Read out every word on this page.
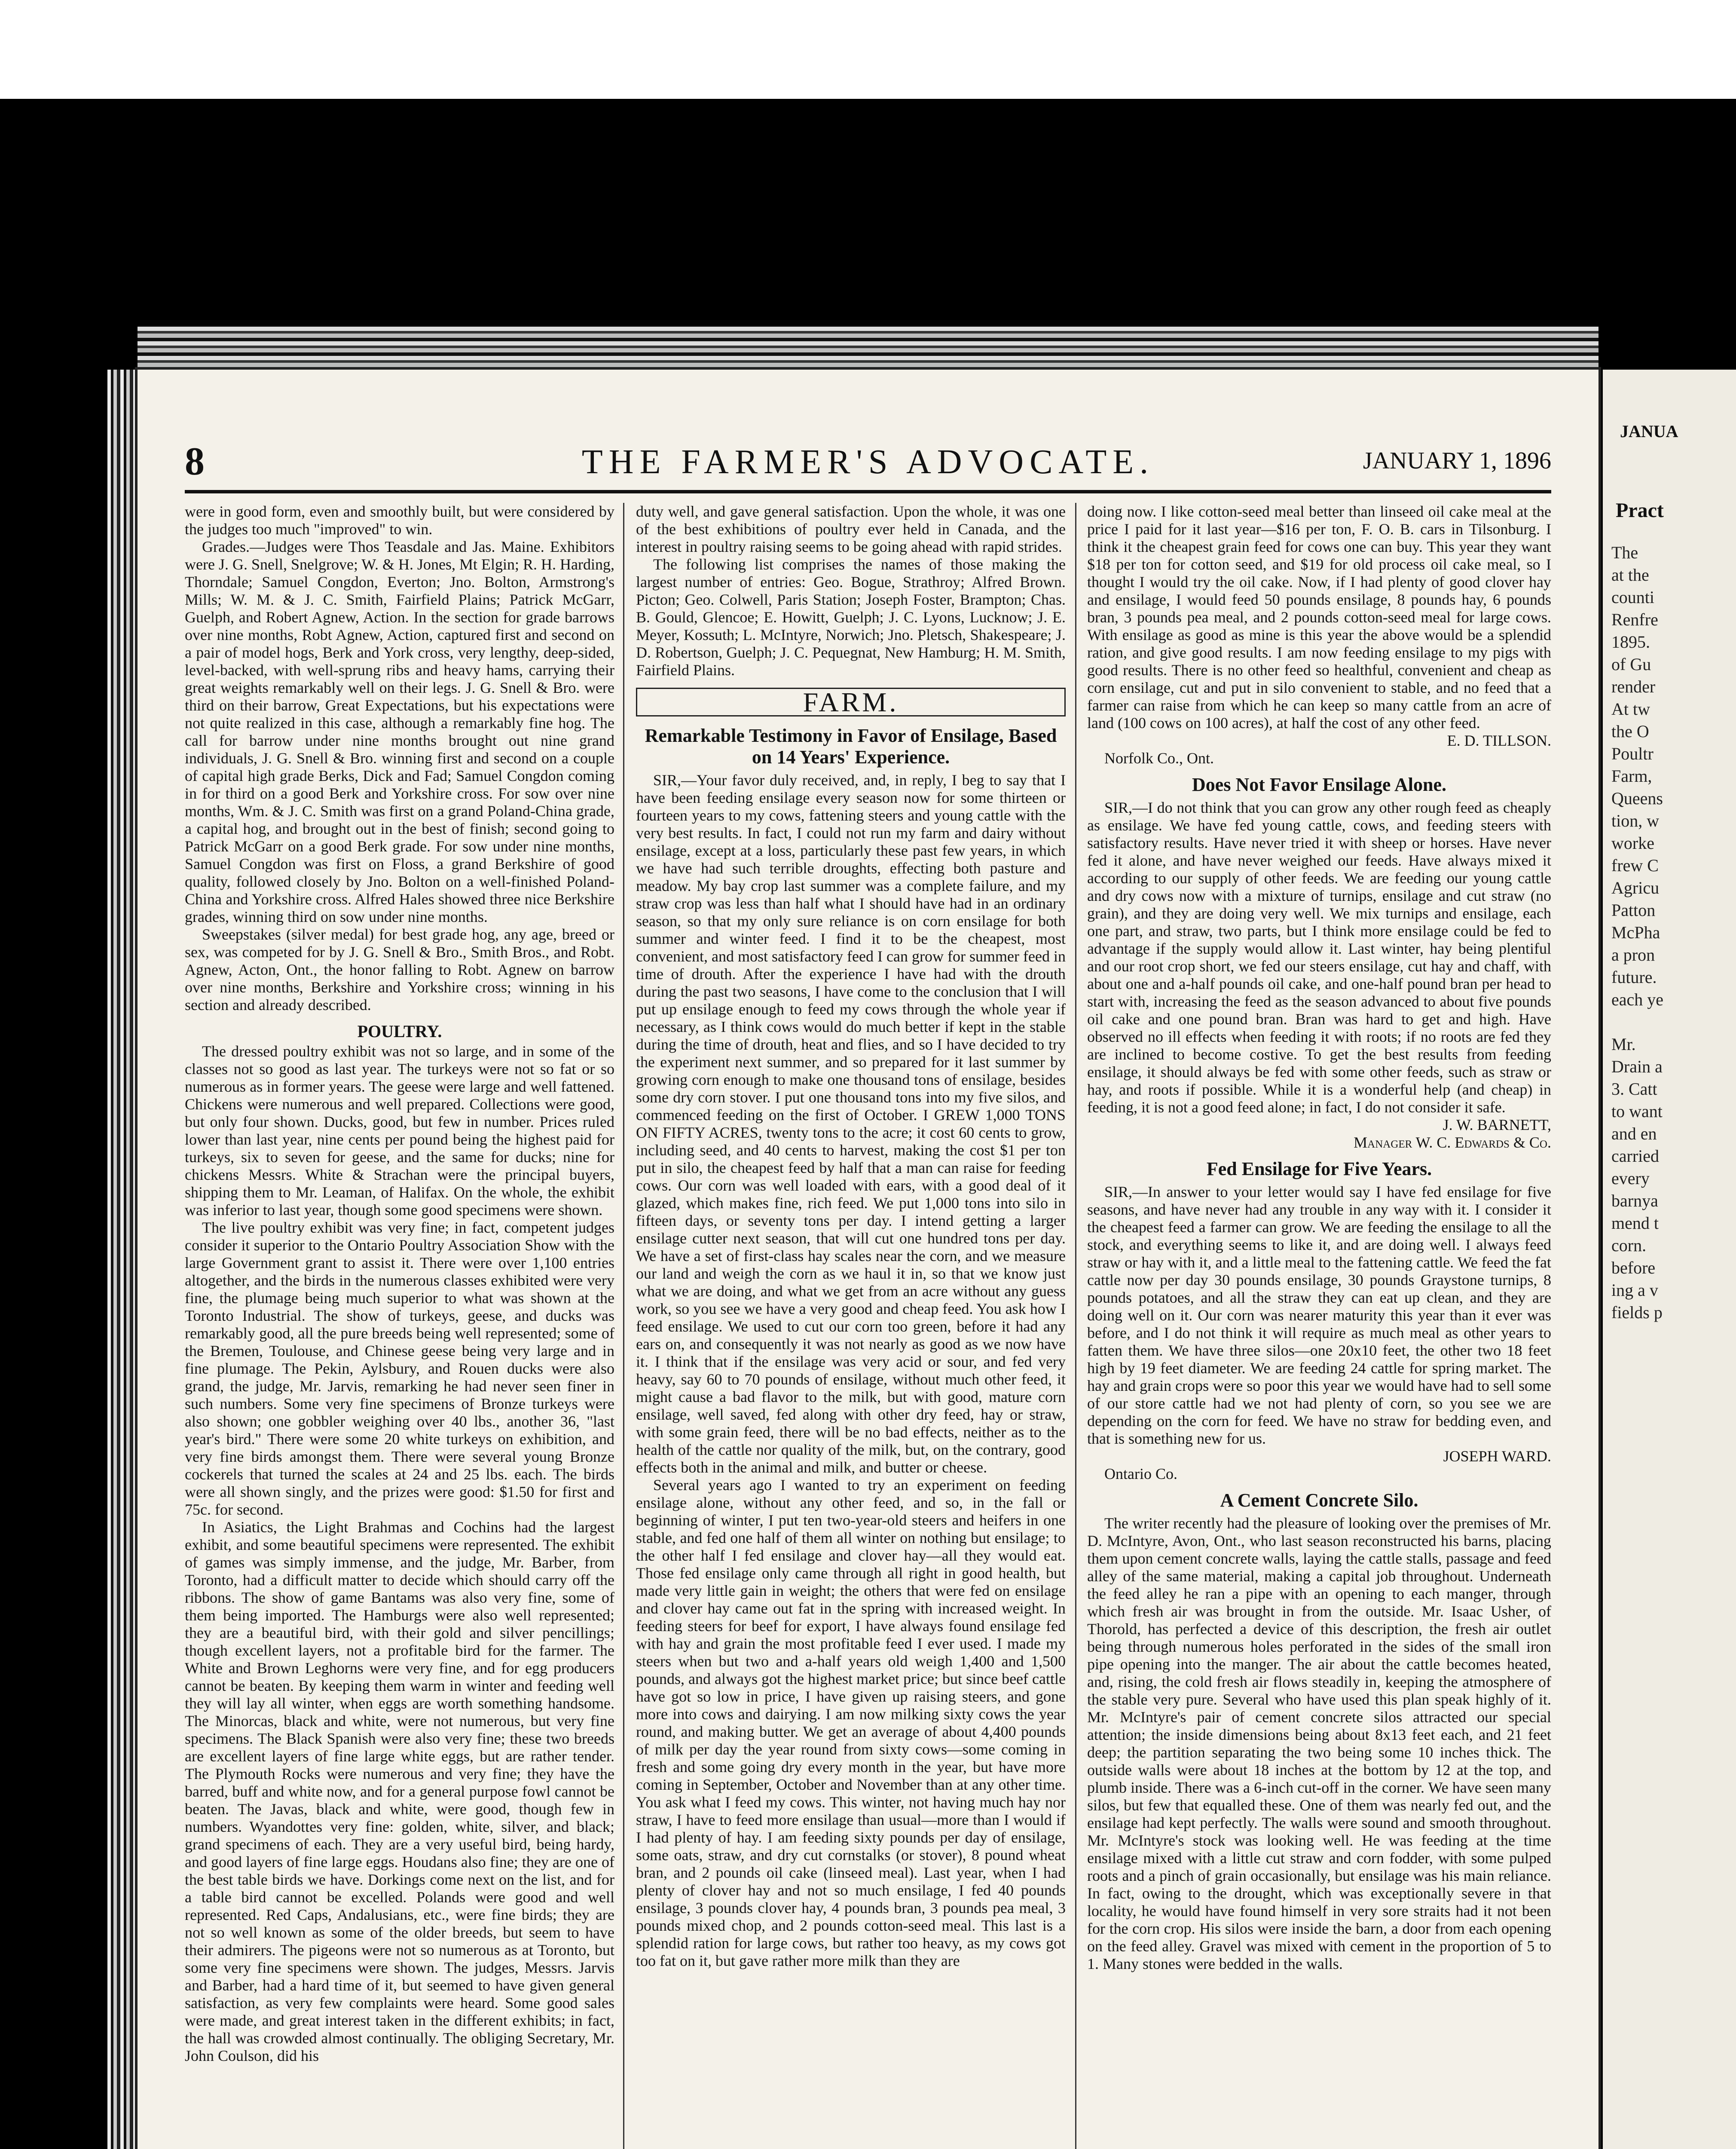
8	THE FARMER'S ADVOCATE.	JANUARY 1, 1896

were in good form, even and smoothly built, but were considered by the judges too much "improved" to win.

Grades.—Judges were Thos Teasdale and Jas. Maine. Exhibitors were J. G. Snell, Snelgrove; W. & H. Jones, Mt Elgin; R. H. Harding, Thorndale; Samuel Congdon, Everton; Jno. Bolton, Armstrong's Mills; W. M. & J. C. Smith, Fairfield Plains; Patrick McGarr, Guelph, and Robert Agnew, Action. In the section for grade barrows over nine months, Robt Agnew, Action, captured first and second on a pair of model hogs, Berk and York cross, very lengthy, deep-sided, level-backed, with well-sprung ribs and heavy hams, carrying their great weights remarkably well on their legs. J. G. Snell & Bro. were third on their barrow, Great Expectations, but his expectations were not quite realized in this case, although a remarkably fine hog. The call for barrow under nine months brought out nine grand individuals, J. G. Snell & Bro. winning first and second on a couple of capital high grade Berks, Dick and Fad; Samuel Congdon coming in for third on a good Berk and Yorkshire cross. For sow over nine months, Wm. & J. C. Smith was first on a grand Poland-China grade, a capital hog, and brought out in the best of finish; second going to Patrick McGarr on a good Berk grade. For sow under nine months, Samuel Congdon was first on Floss, a grand Berkshire of good quality, followed closely by Jno. Bolton on a well-finished Poland-China and Yorkshire cross. Alfred Hales showed three nice Berkshire grades, winning third on sow under nine months.

Sweepstakes (silver medal) for best grade hog, any age, breed or sex, was competed for by J. G. Snell & Bro., Smith Bros., and Robt. Agnew, Acton, Ont., the honor falling to Robt. Agnew on barrow over nine months, Berkshire and Yorkshire cross; winning in his section and already described.

POULTRY.

The dressed poultry exhibit was not so large, and in some of the classes not so good as last year. The turkeys were not so fat or so numerous as in former years. The geese were large and well fattened. Chickens were numerous and well prepared. Collections were good, but only four shown. Ducks, good, but few in number. Prices ruled lower than last year, nine cents per pound being the highest paid for turkeys, six to seven for geese, and the same for ducks; nine for chickens Messrs. White & Strachan were the principal buyers, shipping them to Mr. Leaman, of Halifax. On the whole, the exhibit was inferior to last year, though some good specimens were shown.

The live poultry exhibit was very fine; in fact, competent judges consider it superior to the Ontario Poultry Association Show with the large Government grant to assist it. There were over 1,100 entries altogether, and the birds in the numerous classes exhibited were very fine, the plumage being much superior to what was shown at the Toronto Industrial. The show of turkeys, geese, and ducks was remarkably good, all the pure breeds being well represented; some of the Bremen, Toulouse, and Chinese geese being very large and in fine plumage. The Pekin, Aylsbury, and Rouen ducks were also grand, the judge, Mr. Jarvis, remarking he had never seen finer in such numbers. Some very fine specimens of Bronze turkeys were also shown; one gobbler weighing over 40 lbs., another 36, "last year's bird." There were some 20 white turkeys on exhibition, and very fine birds amongst them. There were several young Bronze cockerels that turned the scales at 24 and 25 lbs. each. The birds were all shown singly, and the prizes were good: $1.50 for first and 75c. for second.

In Asiatics, the Light Brahmas and Cochins had the largest exhibit, and some beautiful specimens were represented. The exhibit of games was simply immense, and the judge, Mr. Barber, from Toronto, had a difficult matter to decide which should carry off the ribbons. The show of game Bantams was also very fine, some of them being imported. The Hamburgs were also well represented; they are a beautiful bird, with their gold and silver pencillings; though excellent layers, not a profitable bird for the farmer. The White and Brown Leghorns were very fine, and for egg producers cannot be beaten. By keeping them warm in winter and feeding well they will lay all winter, when eggs are worth something handsome. The Minorcas, black and white, were not numerous, but very fine specimens. The Black Spanish were also very fine; these two breeds are excellent layers of fine large white eggs, but are rather tender. The Plymouth Rocks were numerous and very fine; they have the barred, buff and white now, and for a general purpose fowl cannot be beaten. The Javas, black and white, were good, though few in numbers. Wyandottes very fine: golden, white, silver, and black; grand specimens of each. They are a very useful bird, being hardy, and good layers of fine large eggs. Houdans also fine; they are one of the best table birds we have. Dorkings come next on the list, and for a table bird cannot be excelled. Polands were good and well represented. Red Caps, Andalusians, etc., were fine birds; they are not so well known as some of the older breeds, but seem to have their admirers. The pigeons were not so numerous as at Toronto, but some very fine specimens were shown. The judges, Messrs. Jarvis and Barber, had a hard time of it, but seemed to have given general satisfaction, as very few complaints were heard. Some good sales were made, and great interest taken in the different exhibits; in fact, the hall was crowded almost continually. The obliging Secretary, Mr. John Coulson, did his

duty well, and gave general satisfaction. Upon the whole, it was one of the best exhibitions of poultry ever held in Canada, and the interest in poultry raising seems to be going ahead with rapid strides.

The following list comprises the names of those making the largest number of entries: Geo. Bogue, Strathroy; Alfred Brown. Picton; Geo. Colwell, Paris Station; Joseph Foster, Brampton; Chas. B. Gould, Glencoe; E. Howitt, Guelph; J. C. Lyons, Lucknow; J. E. Meyer, Kossuth; L. McIntyre, Norwich; Jno. Pletsch, Shakespeare; J. D. Robertson, Guelph; J. C. Pequegnat, New Hamburg; H. M. Smith, Fairfield Plains.

FARM.
Remarkable Testimony in Favor of Ensilage, Based on 14 Years' Experience.

SIR,—Your favor duly received, and, in reply, I beg to say that I have been feeding ensilage every season now for some thirteen or fourteen years to my cows, fattening steers and young cattle with the very best results. In fact, I could not run my farm and dairy without ensilage, except at a loss, particularly these past few years, in which we have had such terrible droughts, effecting both pasture and meadow. My bay crop last summer was a complete failure, and my straw crop was less than half what I should have had in an ordinary season, so that my only sure reliance is on corn ensilage for both summer and winter feed. I find it to be the cheapest, most convenient, and most satisfactory feed I can grow for summer feed in time of drouth. After the experience I have had with the drouth during the past two seasons, I have come to the conclusion that I will put up ensilage enough to feed my cows through the whole year if necessary, as I think cows would do much better if kept in the stable during the time of drouth, heat and flies, and so I have decided to try the experiment next summer, and so prepared for it last summer by growing corn enough to make one thousand tons of ensilage, besides some dry corn stover. I put one thousand tons into my five silos, and commenced feeding on the first of October. I GREW 1,000 TONS ON FIFTY ACRES, twenty tons to the acre; it cost 60 cents to grow, including seed, and 40 cents to harvest, making the cost $1 per ton put in silo, the cheapest feed by half that a man can raise for feeding cows. Our corn was well loaded with ears, with a good deal of it glazed, which makes fine, rich feed. We put 1,000 tons into silo in fifteen days, or seventy tons per day. I intend getting a larger ensilage cutter next season, that will cut one hundred tons per day. We have a set of first-class hay scales near the corn, and we measure our land and weigh the corn as we haul it in, so that we know just what we are doing, and what we get from an acre without any guess work, so you see we have a very good and cheap feed. You ask how I feed ensilage. We used to cut our corn too green, before it had any ears on, and consequently it was not nearly as good as we now have it. I think that if the ensilage was very acid or sour, and fed very heavy, say 60 to 70 pounds of ensilage, without much other feed, it might cause a bad flavor to the milk, but with good, mature corn ensilage, well saved, fed along with other dry feed, hay or straw, with some grain feed, there will be no bad effects, neither as to the health of the cattle nor quality of the milk, but, on the contrary, good effects both in the animal and milk, and butter or cheese.

Several years ago I wanted to try an experiment on feeding ensilage alone, without any other feed, and so, in the fall or beginning of winter, I put ten two-year-old steers and heifers in one stable, and fed one half of them all winter on nothing but ensilage; to the other half I fed ensilage and clover hay—all they would eat. Those fed ensilage only came through all right in good health, but made very little gain in weight; the others that were fed on ensilage and clover hay came out fat in the spring with increased weight. In feeding steers for beef for export, I have always found ensilage fed with hay and grain the most profitable feed I ever used. I made my steers when but two and a-half years old weigh 1,400 and 1,500 pounds, and always got the highest market price; but since beef cattle have got so low in price, I have given up raising steers, and gone more into cows and dairying. I am now milking sixty cows the year round, and making butter. We get an average of about 4,400 pounds of milk per day the year round from sixty cows—some coming in fresh and some going dry every month in the year, but have more coming in September, October and November than at any other time. You ask what I feed my cows. This winter, not having much hay nor straw, I have to feed more ensilage than usual—more than I would if I had plenty of hay. I am feeding sixty pounds per day of ensilage, some oats, straw, and dry cut cornstalks (or stover), 8 pound wheat bran, and 2 pounds oil cake (linseed meal). Last year, when I had plenty of clover hay and not so much ensilage, I fed 40 pounds ensilage, 3 pounds clover hay, 4 pounds bran, 3 pounds pea meal, 3 pounds mixed chop, and 2 pounds cotton-seed meal. This last is a splendid ration for large cows, but rather too heavy, as my cows got too fat on it, but gave rather more milk than they are

doing now. I like cotton-seed meal better than linseed oil cake meal at the price I paid for it last year—$16 per ton, F. O. B. cars in Tilsonburg. I think it the cheapest grain feed for cows one can buy. This year they want $18 per ton for cotton seed, and $19 for old process oil cake meal, so I thought I would try the oil cake. Now, if I had plenty of good clover hay and ensilage, I would feed 50 pounds ensilage, 8 pounds hay, 6 pounds bran, 3 pounds pea meal, and 2 pounds cotton-seed meal for large cows. With ensilage as good as mine is this year the above would be a splendid ration, and give good results. I am now feeding ensilage to my pigs with good results. There is no other feed so healthful, convenient and cheap as corn ensilage, cut and put in silo convenient to stable, and no feed that a farmer can raise from which he can keep so many cattle from an acre of land (100 cows on 100 acres), at half the cost of any other feed.

E. D. TILLSON.

Norfolk Co., Ont.

Does Not Favor Ensilage Alone.

SIR,—I do not think that you can grow any other rough feed as cheaply as ensilage. We have fed young cattle, cows, and feeding steers with satisfactory results. Have never tried it with sheep or horses. Have never fed it alone, and have never weighed our feeds. Have always mixed it according to our supply of other feeds. We are feeding our young cattle and dry cows now with a mixture of turnips, ensilage and cut straw (no grain), and they are doing very well. We mix turnips and ensilage, each one part, and straw, two parts, but I think more ensilage could be fed to advantage if the supply would allow it. Last winter, hay being plentiful and our root crop short, we fed our steers ensilage, cut hay and chaff, with about one and a-half pounds oil cake, and one-half pound bran per head to start with, increasing the feed as the season advanced to about five pounds oil cake and one pound bran. Bran was hard to get and high. Have observed no ill effects when feeding it with roots; if no roots are fed they are inclined to become costive. To get the best results from feeding ensilage, it should always be fed with some other feeds, such as straw or hay, and roots if possible. While it is a wonderful help (and cheap) in feeding, it is not a good feed alone; in fact, I do not consider it safe.

J. W. BARNETT,

Manager W. C. Edwards & Co.

Fed Ensilage for Five Years.

SIR,—In answer to your letter would say I have fed ensilage for five seasons, and have never had any trouble in any way with it. I consider it the cheapest feed a farmer can grow. We are feeding the ensilage to all the stock, and everything seems to like it, and are doing well. I always feed straw or hay with it, and a little meal to the fattening cattle. We feed the fat cattle now per day 30 pounds ensilage, 30 pounds Graystone turnips, 8 pounds potatoes, and all the straw they can eat up clean, and they are doing well on it. Our corn was nearer maturity this year than it ever was before, and I do not think it will require as much meal as other years to fatten them. We have three silos—one 20x10 feet, the other two 18 feet high by 19 feet diameter. We are feeding 24 cattle for spring market. The hay and grain crops were so poor this year we would have had to sell some of our store cattle had we not had plenty of corn, so you see we are depending on the corn for feed. We have no straw for bedding even, and that is something new for us.

JOSEPH WARD.

Ontario Co.

A Cement Concrete Silo.

The writer recently had the pleasure of looking over the premises of Mr. D. McIntyre, Avon, Ont., who last season reconstructed his barns, placing them upon cement concrete walls, laying the cattle stalls, passage and feed alley of the same material, making a capital job throughout. Underneath the feed alley he ran a pipe with an opening to each manger, through which fresh air was brought in from the outside. Mr. Isaac Usher, of Thorold, has perfected a device of this description, the fresh air outlet being through numerous holes perforated in the sides of the small iron pipe opening into the manger. The air about the cattle becomes heated, and, rising, the cold fresh air flows steadily in, keeping the atmosphere of the stable very pure. Several who have used this plan speak highly of it. Mr. McIntyre's pair of cement concrete silos attracted our special attention; the inside dimensions being about 8x13 feet each, and 21 feet deep; the partition separating the two being some 10 inches thick. The outside walls were about 18 inches at the bottom by 12 at the top, and plumb inside. There was a 6-inch cut-off in the corner. We have seen many silos, but few that equalled these. One of them was nearly fed out, and the ensilage had kept perfectly. The walls were sound and smooth throughout. Mr. McIntyre's stock was looking well. He was feeding at the time ensilage mixed with a little cut straw and corn fodder, with some pulped roots and a pinch of grain occasionally, but ensilage was his main reliance. In fact, owing to the drought, which was exceptionally severe in that locality, he would have found himself in very sore straits had it not been for the corn crop. His silos were inside the barn, a door from each opening on the feed alley. Gravel was mixed with cement in the proportion of 5 to 1. Many stones were bedded in the walls.

JANUA
Pract
The
at the
counti
Renfre
1895.
of Gu
render
At tw
the O
Poultr
Farm,
Queens
tion, w
worke
frew C
Agricu
Patton
McPha
a pron
future.
each ye

Mr.
Drain a
3. Catt
to want
and en
carried
every
barnya
mend t
corn.
before
ing a v
fields p
